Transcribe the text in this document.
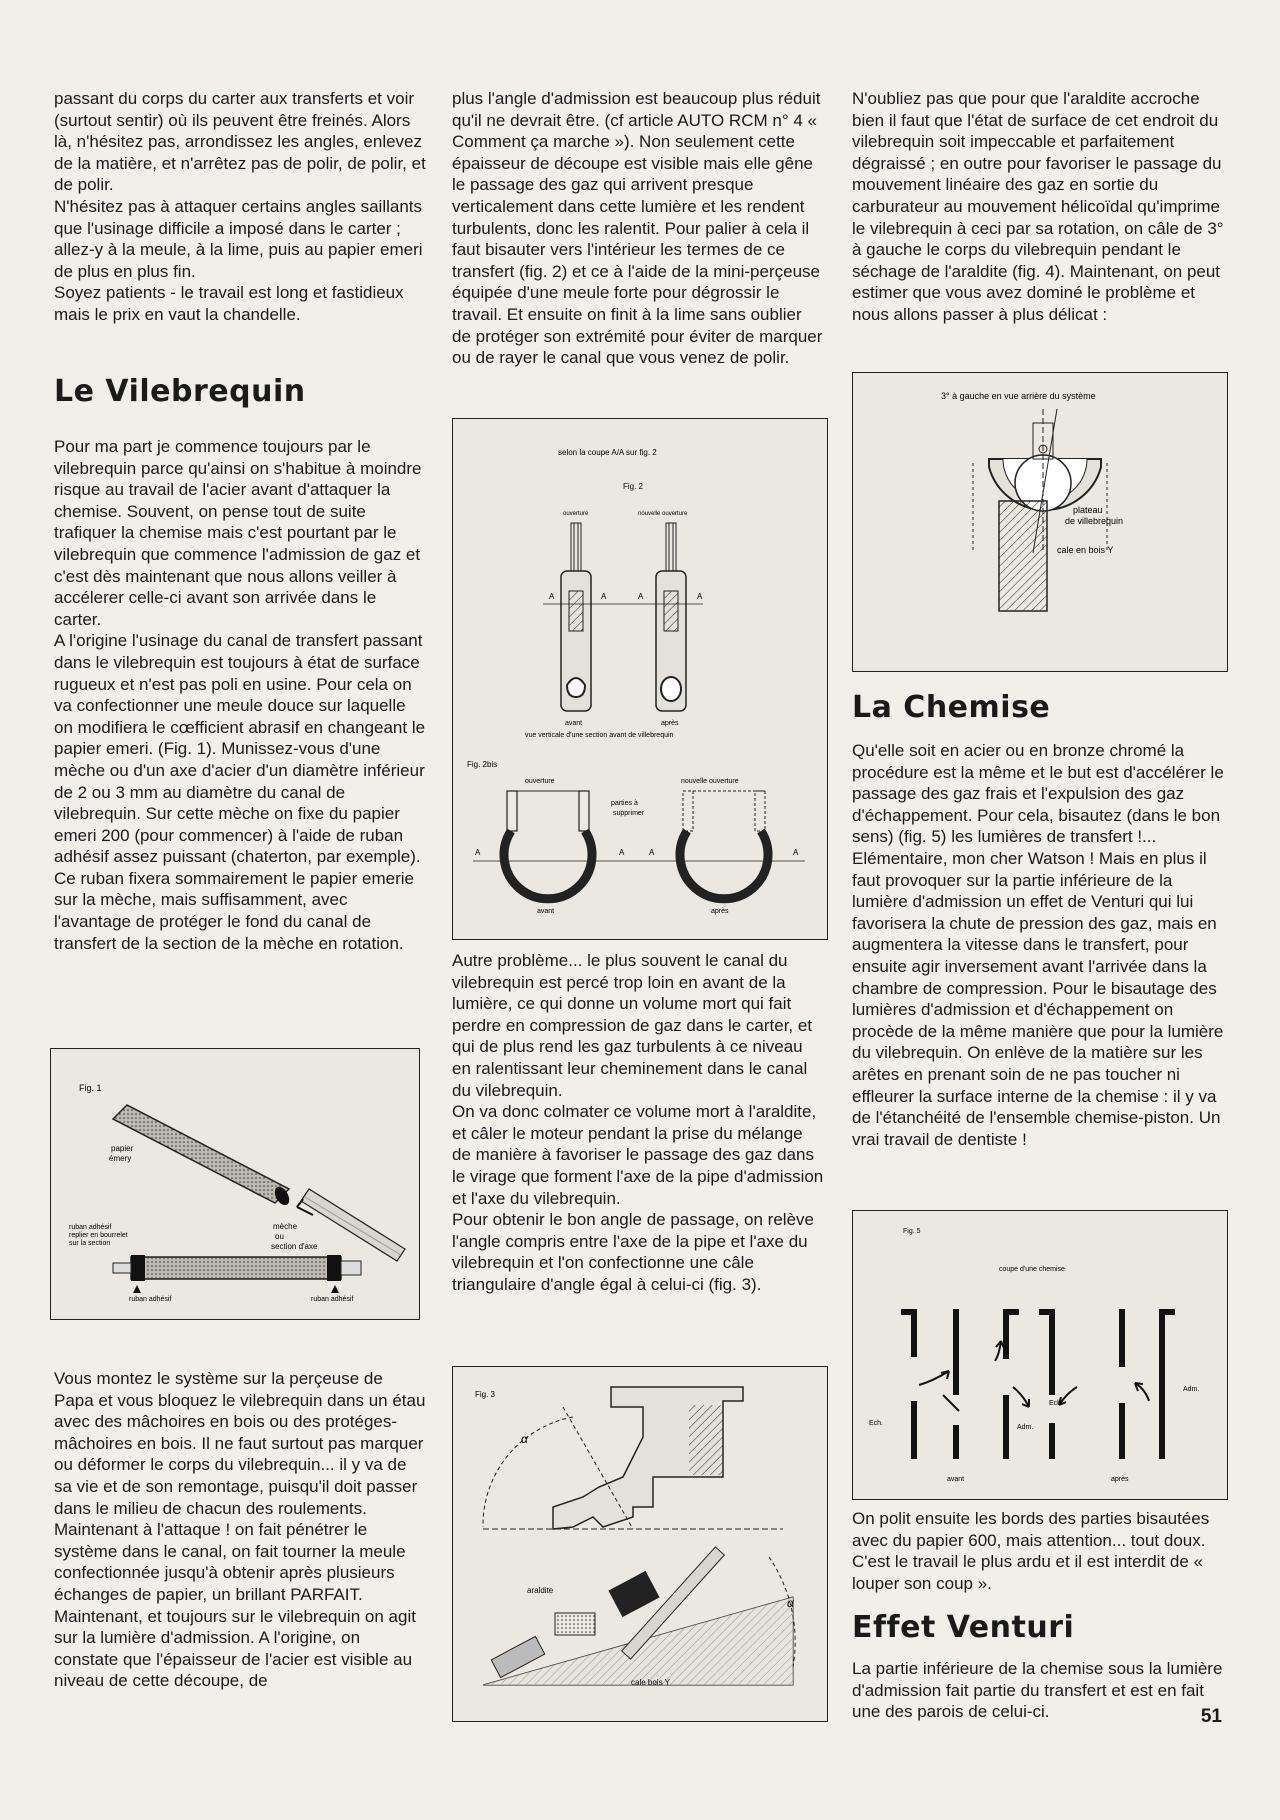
passant du corps du carter aux transferts et voir (surtout sentir) où ils peuvent être freinés. Alors là, n'hésitez pas, arrondissez les angles, enlevez de la matière, et n'arrêtez pas de polir, de polir, et de polir.

N'hésitez pas à attaquer certains angles saillants que l'usinage difficile a imposé dans le carter ; allez-y à la meule, à la lime, puis au papier emeri de plus en plus fin.

Soyez patients - le travail est long et fastidieux mais le prix en vaut la chandelle.

Le Vilebrequin

Pour ma part je commence toujours par le vilebrequin parce qu'ainsi on s'habitue à moindre risque au travail de l'acier avant d'attaquer la chemise. Souvent, on pense tout de suite trafiquer la chemise mais c'est pourtant par le vilebrequin que commence l'admission de gaz et c'est dès maintenant que nous allons veiller à accélerer celle-ci avant son arrivée dans le carter.

A l'origine l'usinage du canal de transfert passant dans le vilebrequin est toujours à état de surface rugueux et n'est pas poli en usine. Pour cela on va confectionner une meule douce sur laquelle on modifiera le cœfficient abrasif en changeant le papier emeri. (Fig. 1). Munissez-vous d'une mèche ou d'un axe d'acier d'un diamètre inférieur de 2 ou 3 mm au diamètre du canal de vilebrequin. Sur cette mèche on fixe du papier emeri 200 (pour commencer) à l'aide de ruban adhésif assez puissant (chaterton, par exemple). Ce ruban fixera sommairement le papier emerie sur la mèche, mais suffisamment, avec l'avantage de protéger le fond du canal de transfert de la section de la mèche en rotation.

Fig. 1
papier
émery
mèche
ou
section d'axe
ruban adhésif
replier en bourrelet
sur la section
ruban adhésif	ruban adhésif

Vous montez le système sur la perçeuse de Papa et vous bloquez le vilebrequin dans un étau avec des mâchoires en bois ou des protéges-mâchoires en bois. Il ne faut surtout pas marquer ou déformer le corps du vilebrequin... il y va de sa vie et de son remontage, puisqu'il doit passer dans le milieu de chacun des roulements.

Maintenant à l'attaque ! on fait pénétrer le système dans le canal, on fait tourner la meule confectionnée jusqu'à obtenir après plusieurs échanges de papier, un brillant PARFAIT.

Maintenant, et toujours sur le vilebrequin on agit sur la lumière d'admission. A l'origine, on constate que l'épaisseur de l'acier est visible au niveau de cette découpe, de

plus l'angle d'admission est beaucoup plus réduit qu'il ne devrait être. (cf article AUTO RCM n° 4 « Comment ça marche »). Non seulement cette épaisseur de découpe est visible mais elle gêne le passage des gaz qui arrivent presque verticalement dans cette lumière et les rendent turbulents, donc les ralentit. Pour palier à cela il faut bisauter vers l'intérieur les termes de ce transfert (fig. 2) et ce à l'aide de la mini-perçeuse équipée d'une meule forte pour dégrossir le travail. Et ensuite on finit à la lime sans oublier de protéger son extrémité pour éviter de marquer ou de rayer le canal que vous venez de polir.

selon la coupe A/A sur fig. 2
Fig. 2
ouverture	nouvelle ouverture
A	A	A	A
avant	après
vue verticale d'une section avant de villebrequin
Fig. 2bis
ouverture	nouvelle ouverture
parties à
supprimer
A	A	A	A
avant	après

Autre problème... le plus souvent le canal du vilebrequin est percé trop loin en avant de la lumière, ce qui donne un volume mort qui fait perdre en compression de gaz dans le carter, et qui de plus rend les gaz turbulents à ce niveau en ralentissant leur cheminement dans le canal du vilebrequin.

On va donc colmater ce volume mort à l'araldite, et câler le moteur pendant la prise du mélange de manière à favoriser le passage des gaz dans le virage que forment l'axe de la pipe d'admission et l'axe du vilebrequin.

Pour obtenir le bon angle de passage, on relève l'angle compris entre l'axe de la pipe et l'axe du vilebrequin et l'on confectionne une câle triangulaire d'angle égal à celui-ci (fig. 3).

Fig. 3
α
α
araldite
cale bois Y

N'oubliez pas que pour que l'araldite accroche bien il faut que l'état de surface de cet endroit du vilebrequin soit impeccable et parfaitement dégraissé ; en outre pour favoriser le passage du mouvement linéaire des gaz en sortie du carburateur au mouvement hélicoïdal qu'imprime le vilebrequin à ceci par sa rotation, on câle de 3° à gauche le corps du vilebrequin pendant le séchage de l'araldite (fig. 4). Maintenant, on peut estimer que vous avez dominé le problème et nous allons passer à plus délicat :

3° à gauche en vue arrière du système
plateau
de villebrequin
cale en bois Y
La Chemise

Qu'elle soit en acier ou en bronze chromé la procédure est la même et le but est d'accélérer le passage des gaz frais et l'expulsion des gaz d'échappement. Pour cela, bisautez (dans le bon sens) (fig. 5) les lumières de transfert !... Elémentaire, mon cher Watson ! Mais en plus il faut provoquer sur la partie inférieure de la lumière d'admission un effet de Venturi qui lui favorisera la chute de pression des gaz, mais en augmentera la vitesse dans le transfert, pour ensuite agir inversement avant l'arrivée dans la chambre de compression. Pour le bisautage des lumières d'admission et d'échappement on procède de la même manière que pour la lumière du vilebrequin. On enlève de la matière sur les arêtes en prenant soin de ne pas toucher ni effleurer la surface interne de la chemise : il y va de l'étanchéité de l'ensemble chemise-piston. Un vrai travail de dentiste !

Fig. 5
coupe d'une chemise
Ech.
Ech.
Adm.
Adm.
avant	après

On polit ensuite les bords des parties bisautées avec du papier 600, mais attention... tout doux. C'est le travail le plus ardu et il est interdit de « louper son coup ».

Effet Venturi

La partie inférieure de la chemise sous la lumière d'admission fait partie du transfert et est en fait une des parois de celui-ci.	51
